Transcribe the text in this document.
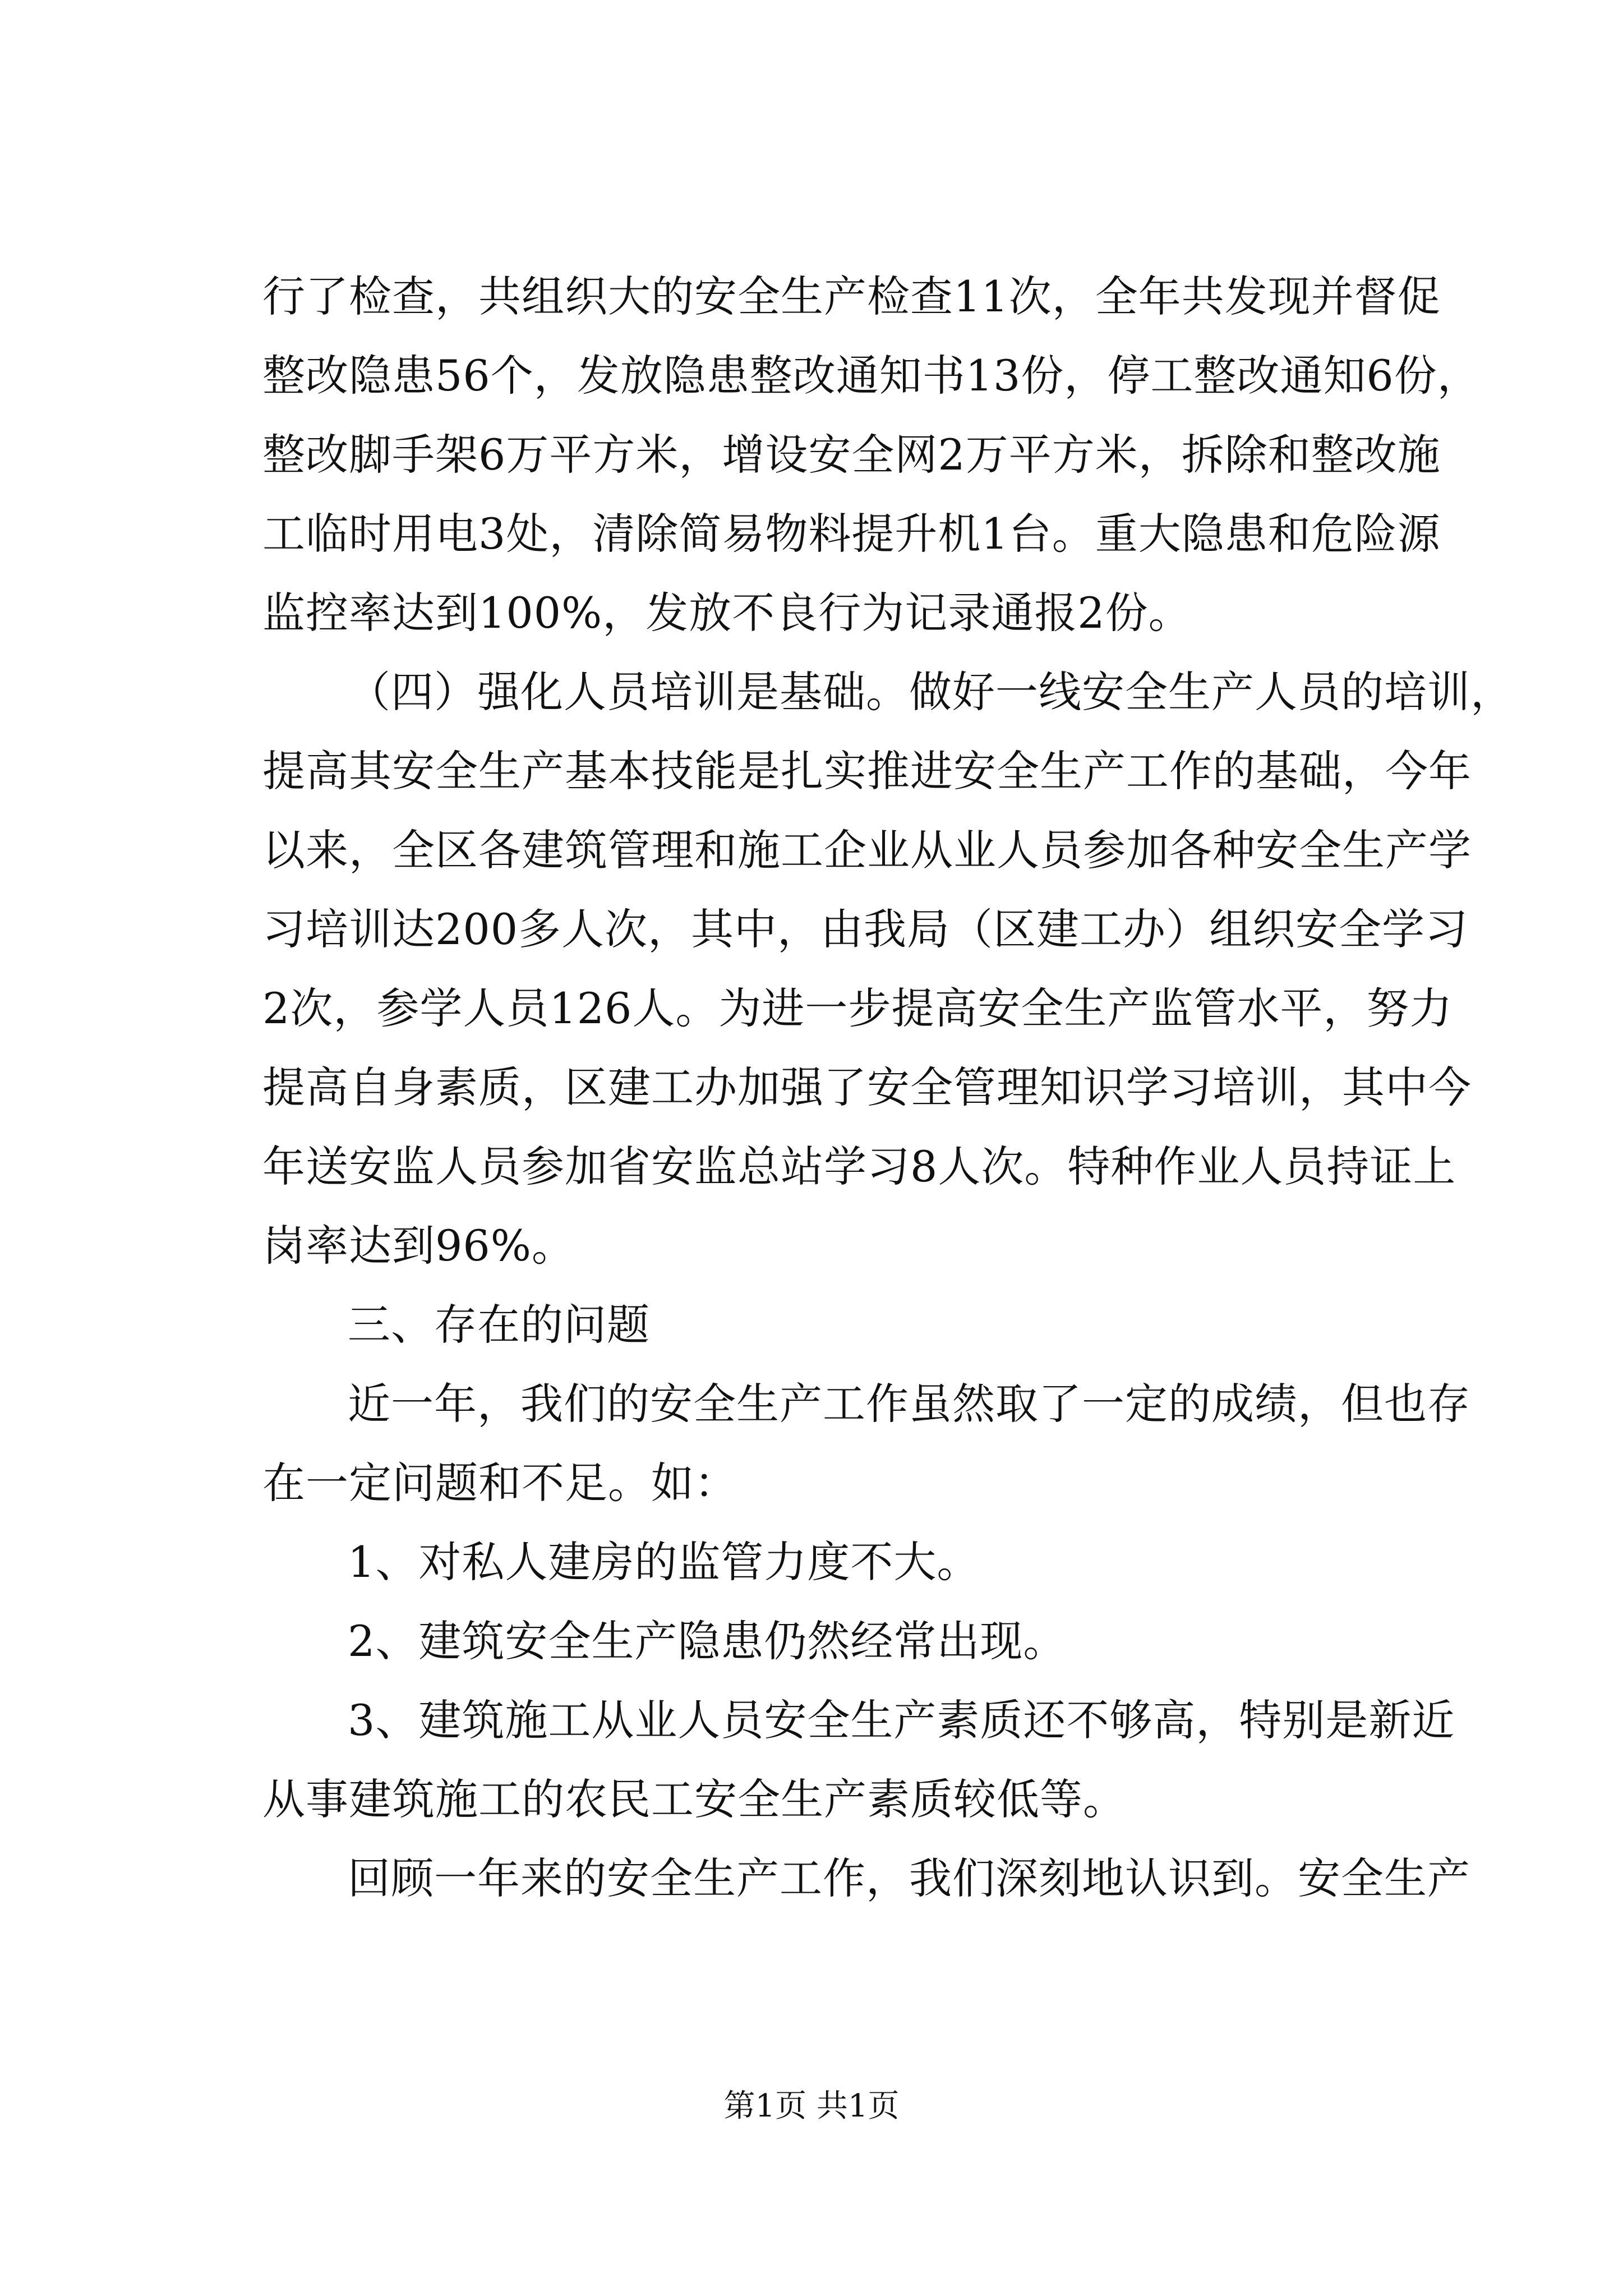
行了检查，共组织大的安全生产检查11次，全年共发现并督促
整改隐患56个，发放隐患整改通知书13份，停工整改通知6份，
整改脚手架6万平方米，增设安全网2万平方米，拆除和整改施
工临时用电3处，清除简易物料提升机1台。重大隐患和危险源
监控率达到100%，发放不良行为记录通报2份。
（四）强化人员培训是基础。做好一线安全生产人员的培训，
提高其安全生产基本技能是扎实推进安全生产工作的基础，今年
以来，全区各建筑管理和施工企业从业人员参加各种安全生产学
习培训达200多人次，其中，由我局（区建工办）组织安全学习
2次，参学人员126人。为进一步提高安全生产监管水平，努力
提高自身素质，区建工办加强了安全管理知识学习培训，其中今
年送安监人员参加省安监总站学习8人次。特种作业人员持证上
岗率达到96%。
三、存在的问题
近一年，我们的安全生产工作虽然取了一定的成绩，但也存
在一定问题和不足。如：
1、对私人建房的监管力度不大。
2、建筑安全生产隐患仍然经常出现。
3、建筑施工从业人员安全生产素质还不够高，特别是新近
从事建筑施工的农民工安全生产素质较低等。
回顾一年来的安全生产工作，我们深刻地认识到。安全生产
第1页 共1页
